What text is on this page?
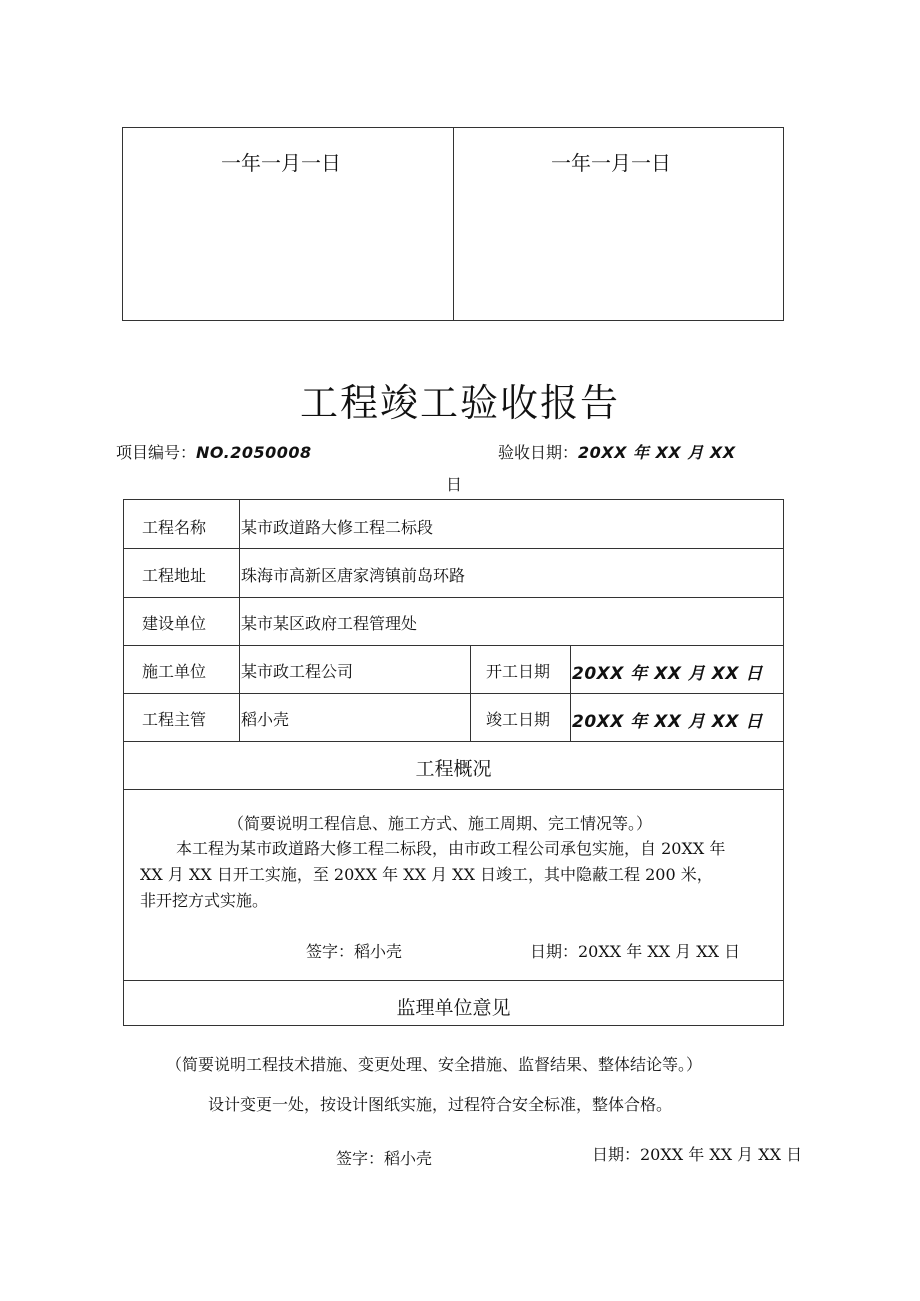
一年一月一日	一年一月一日
工程竣工验收报告
项目编号：NO.2050008	验收日期：20XX 年 XX 月 XX
日
工程名称 某市政道路大修工程二标段
工程地址 珠海市高新区唐家湾镇前岛环路
建设单位 某市某区政府工程管理处
施工单位 某市政工程公司	开工日期 20XX 年 XX 月 XX 日
工程主管 稻小壳	竣工日期 20XX 年 XX 月 XX 日
工程概况
（简要说明工程信息、施工方式、施工周期、完工情况等。）
本工程为某市政道路大修工程二标段，由市政工程公司承包实施，自 20XX 年
XX 月 XX 日开工实施，至 20XX 年 XX 月 XX 日竣工，其中隐蔽工程 200 米，
非开挖方式实施。
签字：稻小壳	日期：20XX 年 XX 月 XX 日
监理单位意见
（简要说明工程技术措施、变更处理、安全措施、监督结果、整体结论等。）
设计变更一处，按设计图纸实施，过程符合安全标准，整体合格。
签字：稻小壳	日期：20XX 年 XX 月 XX 日
